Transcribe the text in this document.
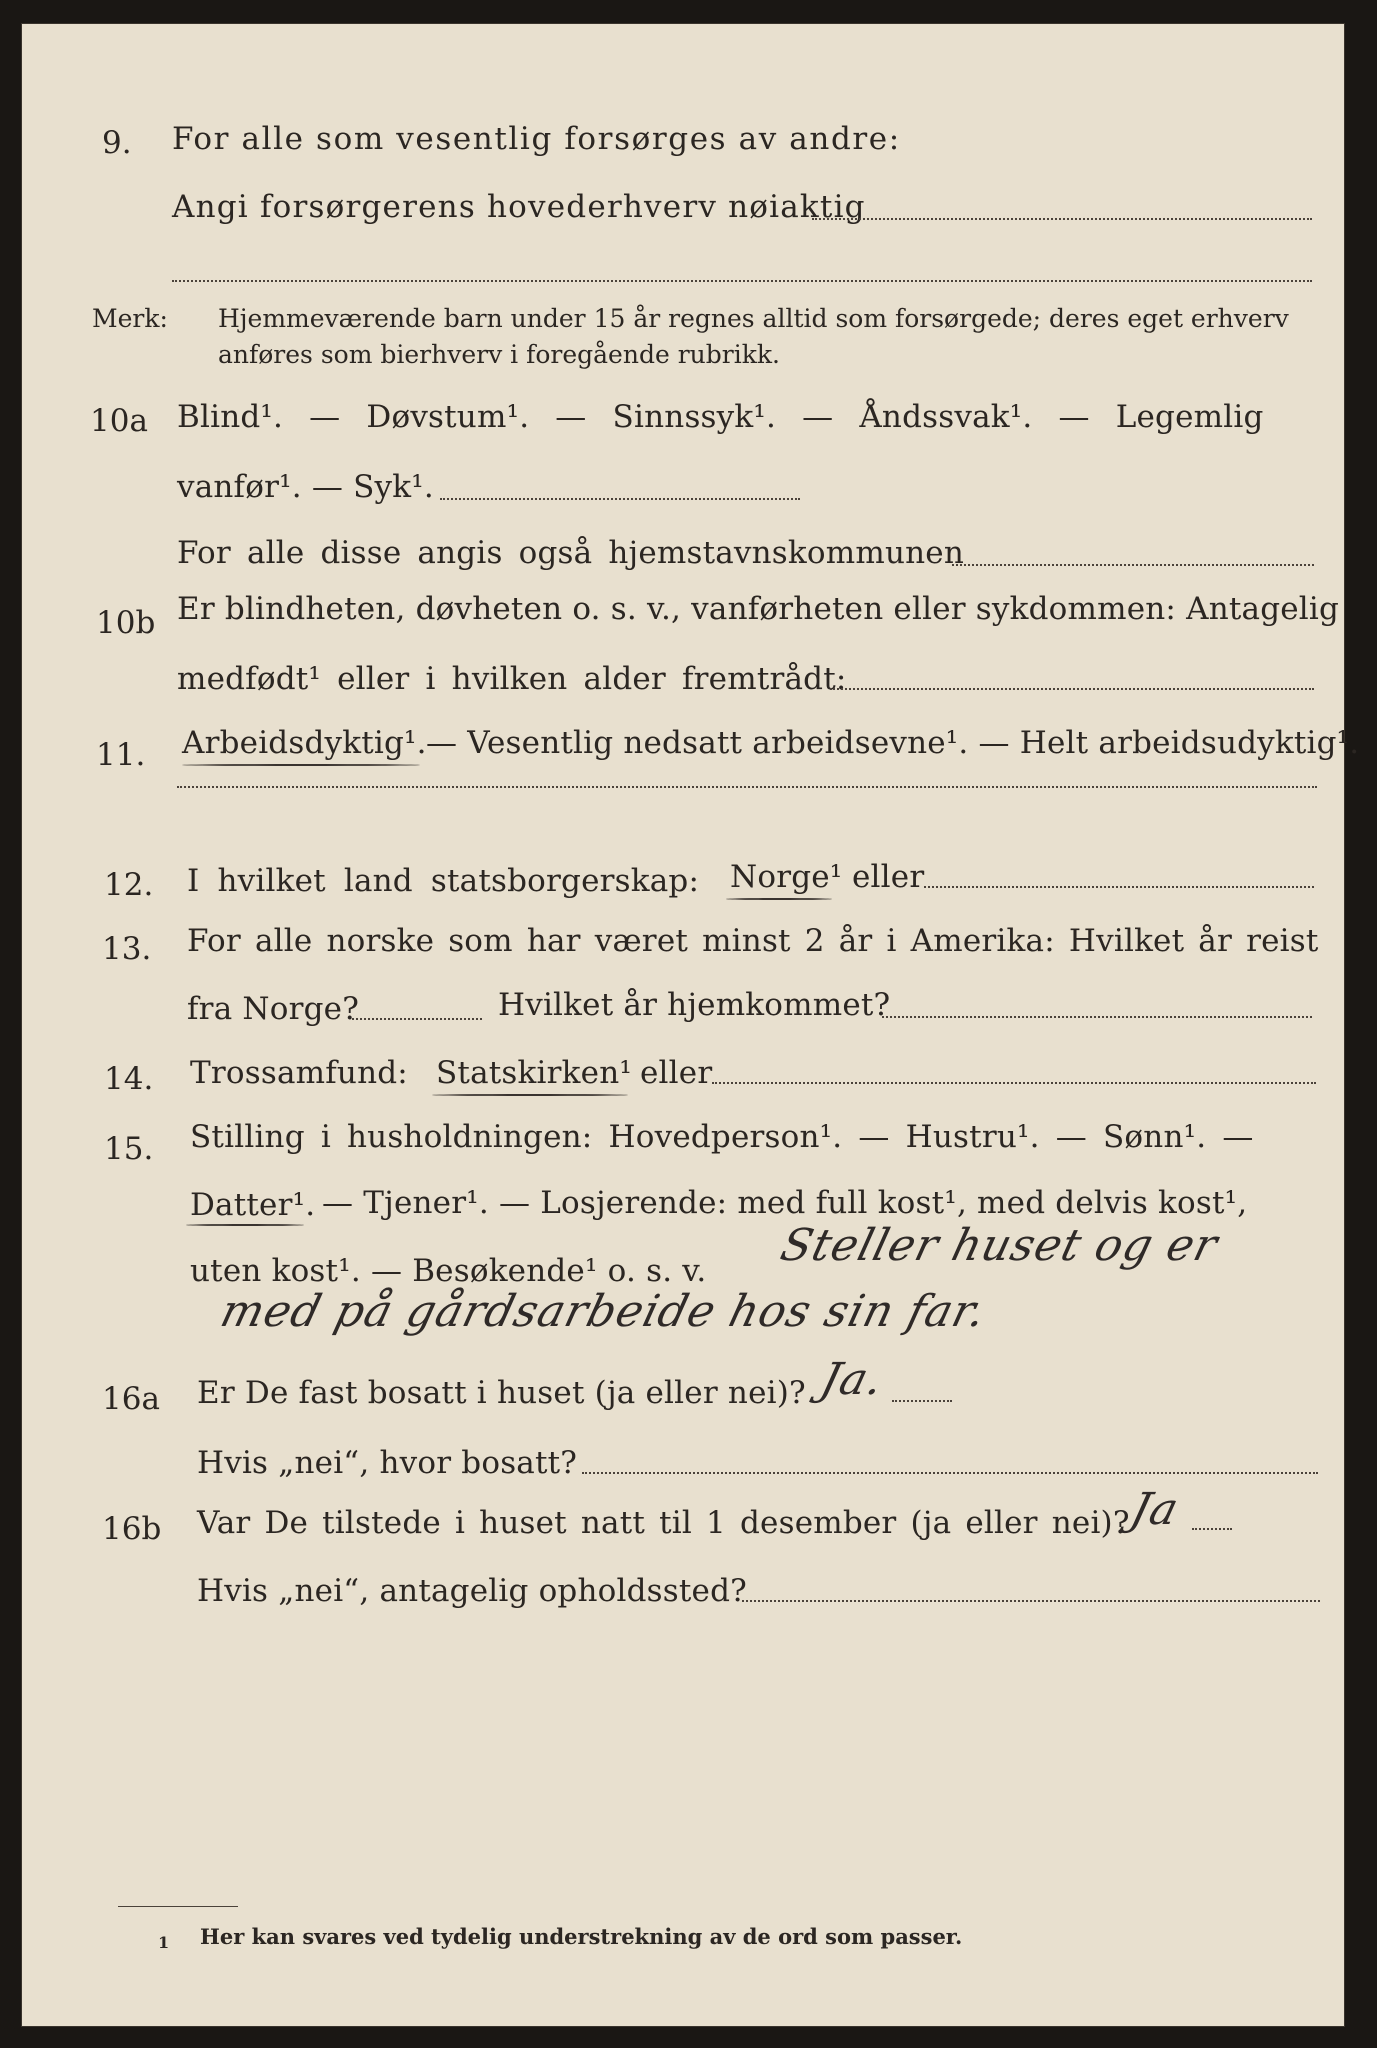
9. For alle som vesentlig forsørges av andre:
Angi forsørgerens hovederhverv nøiaktig
Merk: Hjemmeværende barn under 15 år regnes alltid som forsørgede; deres eget erhverv
anføres som bierhverv i foregående rubrikk.
10a Blind¹. — Døvstum¹. — Sinnssyk¹. — Åndssvak¹. — Legemlig
vanfør¹. — Syk¹.
For alle disse angis også hjemstavnskommunen
10b Er blindheten, døvheten o. s. v., vanførheten eller sykdommen: Antagelig
medfødt¹ eller i hvilken alder fremtrådt:
11. Arbeidsdyktig¹. — Vesentlig nedsatt arbeidsevne¹. — Helt arbeidsudyktig¹.
12. I hvilket land statsborgerskap: Norge¹ eller
13. For alle norske som har været minst 2 år i Amerika: Hvilket år reist
fra Norge?	Hvilket år hjemkommet?
14. Trossamfund: Statskirken¹ eller
15. Stilling i husholdningen: Hovedperson¹. — Hustru¹. — Sønn¹. —
Datter¹. — Tjener¹. — Losjerende: med full kost¹, med delvis kost¹,
uten kost¹. — Besøkende¹ o. s. v. Steller huset og er
med på gårdsarbeide hos sin far.
16a Er De fast bosatt i huset (ja eller nei)? Ja.
Hvis „nei“, hvor bosatt?
16b Var De tilstede i huset natt til 1 desember (ja eller nei)?
Ja
Hvis „nei“, antagelig opholdssted?
1 Her kan svares ved tydelig understrekning av de ord som passer.
